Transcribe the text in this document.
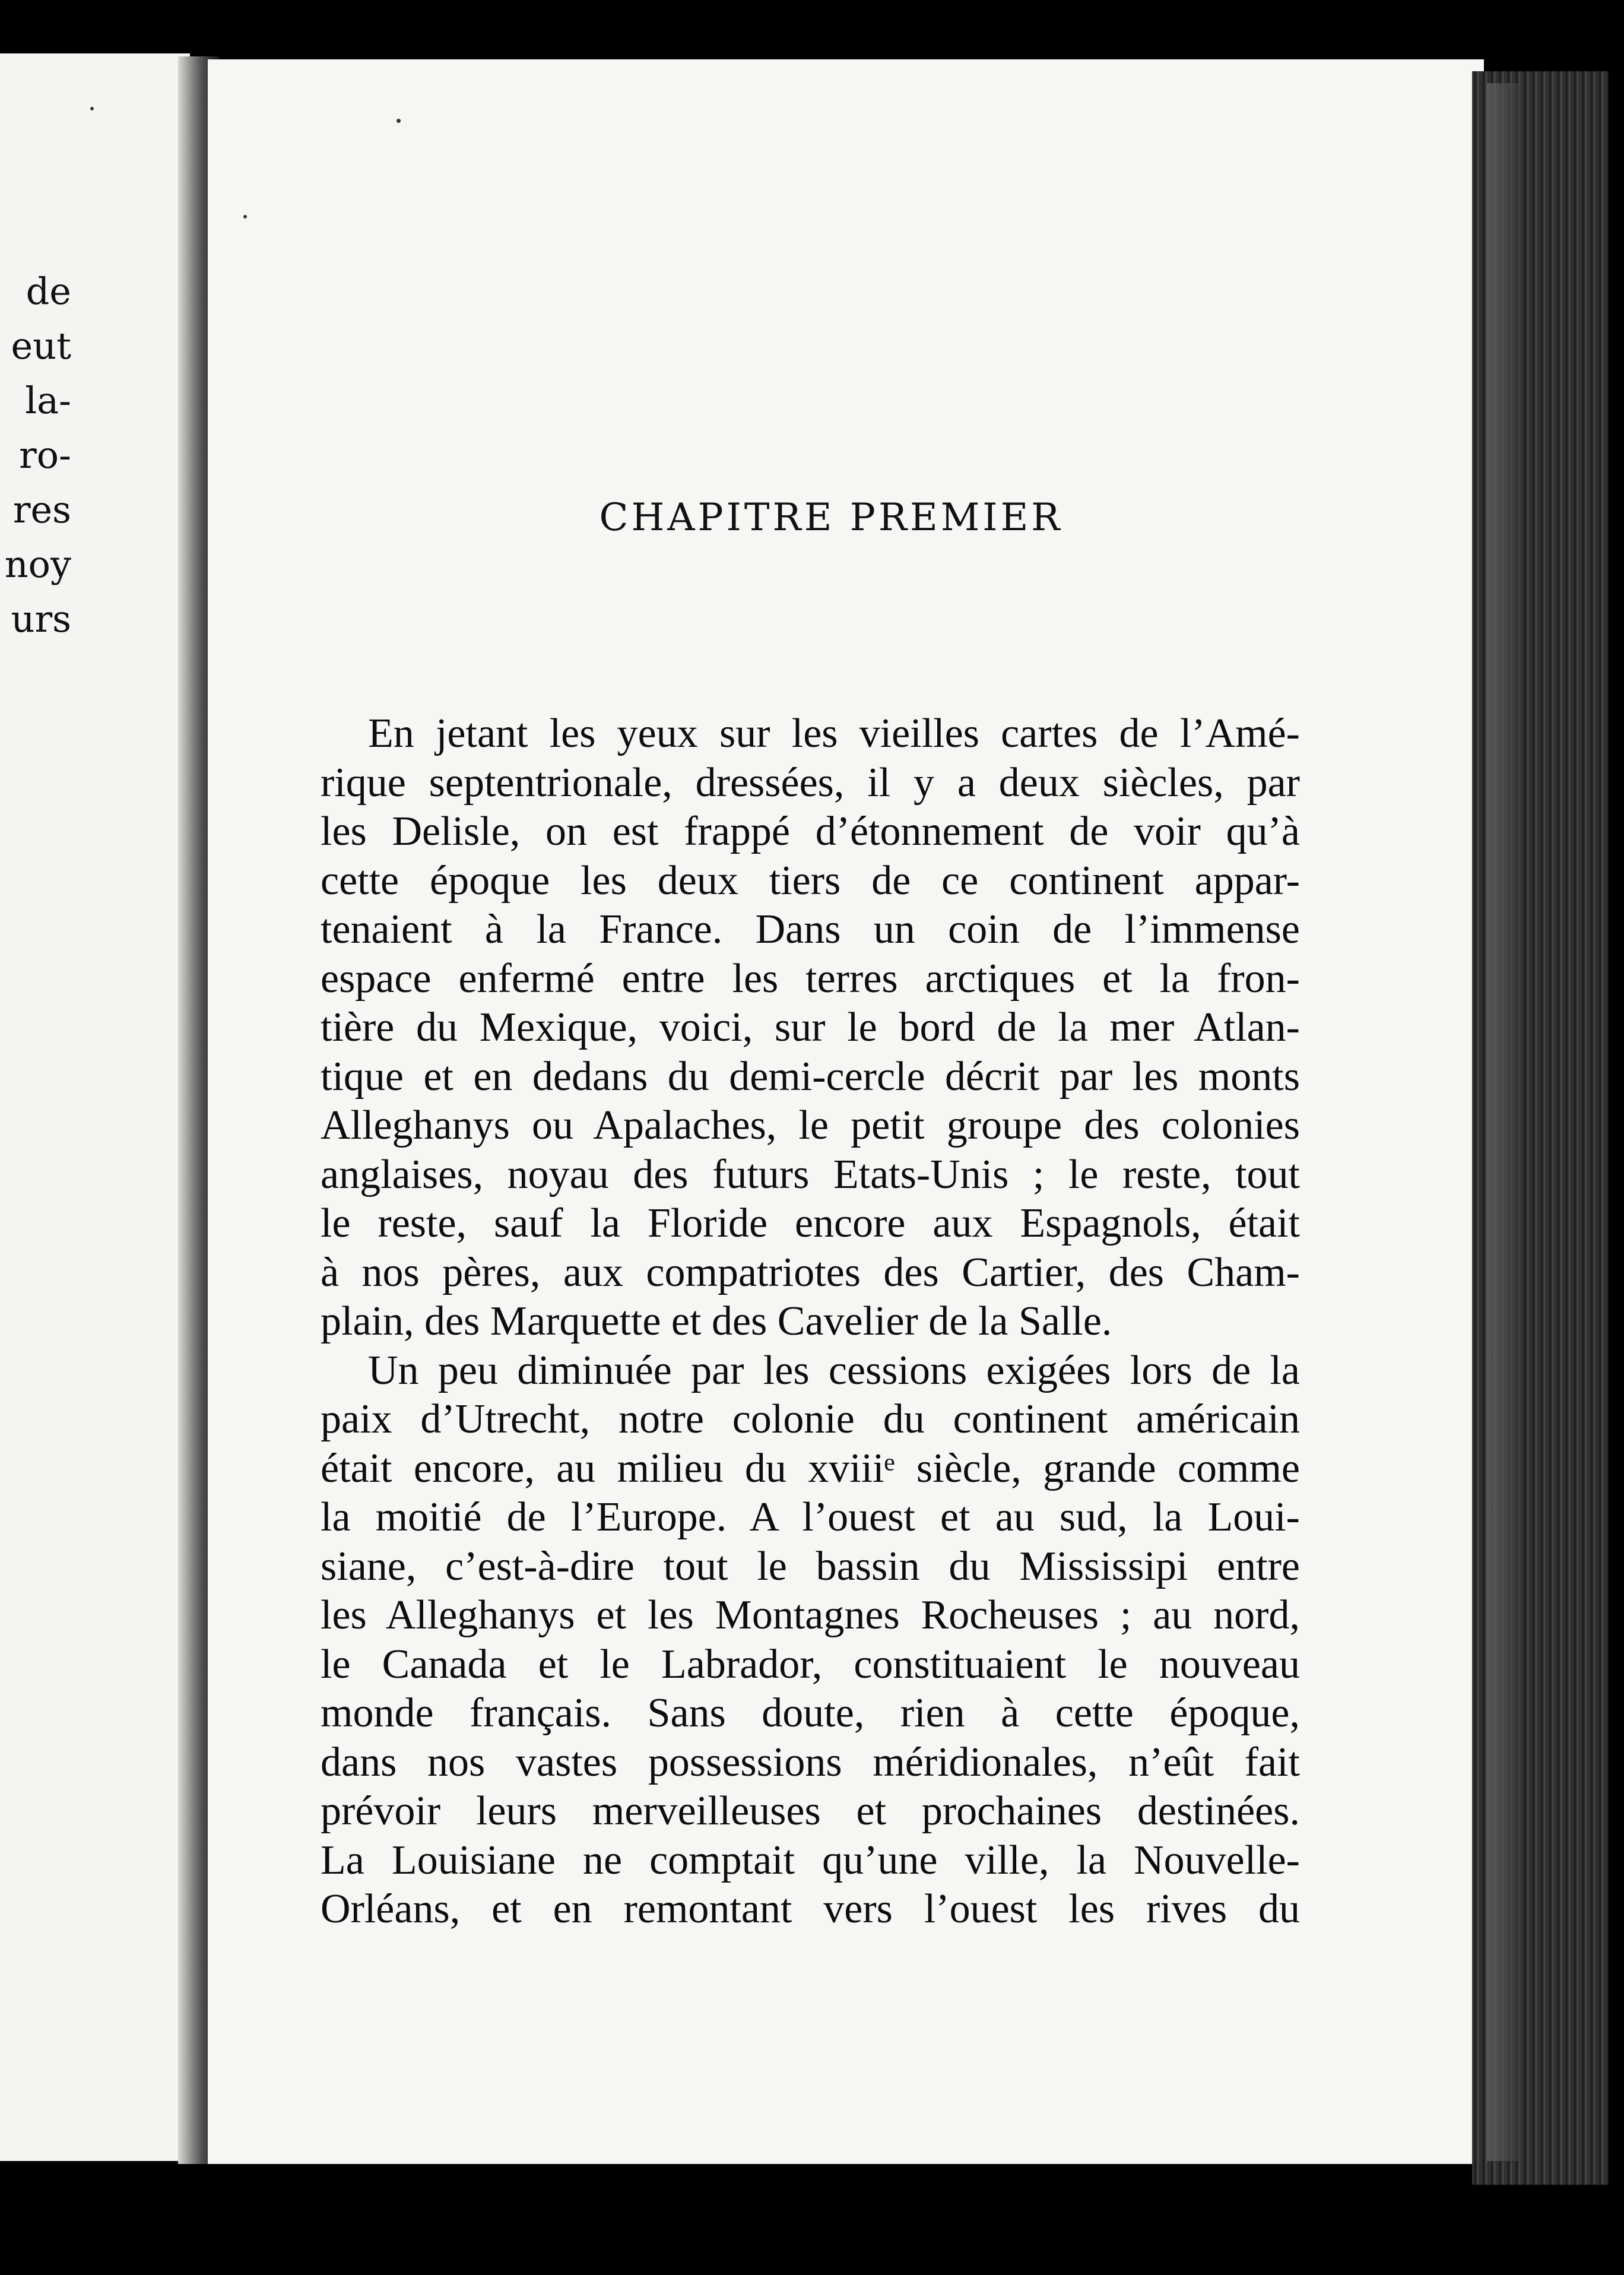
de
eut
la-
ro-
res
noy
urs
CHAPITRE PREMIER
En jetant les yeux sur les vieilles cartes de l’Amé-
rique septentrionale, dressées, il y a deux siècles, par
les Delisle, on est frappé d’étonnement de voir qu’à
cette époque les deux tiers de ce continent appar-
tenaient à la France. Dans un coin de l’immense
espace enfermé entre les terres arctiques et la fron-
tière du Mexique, voici, sur le bord de la mer Atlan-
tique et en dedans du demi-cercle décrit par les monts
Alleghanys ou Apalaches, le petit groupe des colonies
anglaises, noyau des futurs Etats-Unis ; le reste, tout
le reste, sauf la Floride encore aux Espagnols, était
à nos pères, aux compatriotes des Cartier, des Cham-
plain, des Marquette et des Cavelier de la Salle.
Un peu diminuée par les cessions exigées lors de la
paix d’Utrecht, notre colonie du continent américain
était encore, au milieu du xviiiᵉ siècle, grande comme
la moitié de l’Europe. A l’ouest et au sud, la Loui-
siane, c’est-à-dire tout le bassin du Mississipi entre
les Alleghanys et les Montagnes Rocheuses ; au nord,
le Canada et le Labrador, constituaient le nouveau
monde français. Sans doute, rien à cette époque,
dans nos vastes possessions méridionales, n’eût fait
prévoir leurs merveilleuses et prochaines destinées.
La Louisiane ne comptait qu’une ville, la Nouvelle-
Orléans, et en remontant vers l’ouest les rives du
